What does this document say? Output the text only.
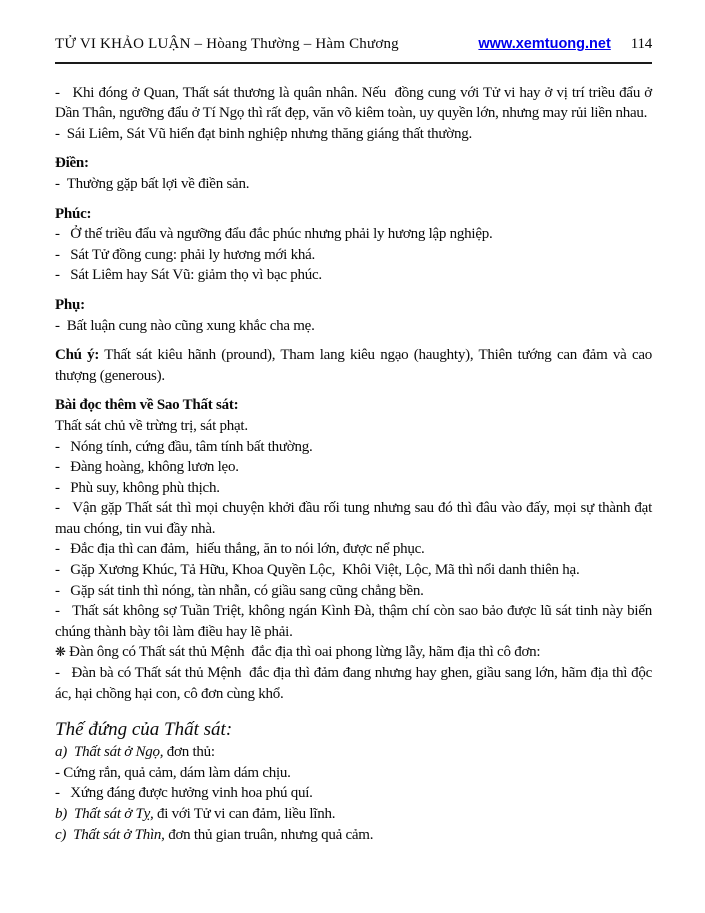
TỬ VI KHẢO LUẬN – Hòang Thường – Hàm Chương	www.xemtuong.net 114

-   Khi đóng ở Quan, Thất sát thương là quân nhân. Nếu  đồng cung với Tử vi hay ở vị trí triều đẩu ở Dần Thân, ngưỡng đẩu ở Tí Ngọ thì rất đẹp, văn võ kiêm toàn, uy quyền lớn, nhưng may rủi liền nhau.

-  Sái Liêm, Sát Vũ hiển đạt binh nghiệp nhưng thăng giáng thất thường.

Điền:

-  Thường gặp bất lợi về điền sản.

Phúc:

-   Ở thế triều đẩu và ngưỡng đẩu đắc phúc nhưng phải ly hương lập nghiệp.

-   Sát Tử đồng cung: phải ly hương mới khá.

-   Sát Liêm hay Sát Vũ: giảm thọ vì bạc phúc.

Phụ:

-  Bất luận cung nào cũng xung khắc cha mẹ.

Chú ý: Thất sát kiêu hãnh (pround), Tham lang kiêu ngạo (haughty), Thiên tướng can đảm và cao thượng (generous).

Bài đọc thêm về Sao Thất sát:

Thất sát chủ về trừng trị, sát phạt.

-   Nóng tính, cứng đầu, tâm tính bất thường.

-   Đàng hoàng, không lươn lẹo.

-   Phù suy, không phù thịch.

-   Vận gặp Thất sát thì mọi chuyện khởi đầu rối tung nhưng sau đó thì đâu vào đấy, mọi sự thành đạt mau chóng, tin vui đầy nhà.

-   Đắc địa thì can đảm,  hiếu thắng, ăn to nói lớn, được nể phục.

-   Gặp Xương Khúc, Tả Hữu, Khoa Quyền Lộc,  Khôi Việt, Lộc, Mã thì nổi danh thiên hạ.

-   Gặp sát tinh thì nóng, tàn nhẫn, có giầu sang cũng chẳng bền.

-   Thất sát không sợ Tuần Triệt, không ngán Kình Đà, thậm chí còn sao bảo được lũ sát tinh này biến chúng thành bày tôi làm điều hay lẽ phải.

❋ Đàn ông có Thất sát thủ Mệnh  đắc địa thì oai phong lừng lẫy, hãm địa thì cô đơn:

-   Đàn bà có Thất sát thủ Mệnh  đắc địa thì đảm đang nhưng hay ghen, giầu sang lớn, hãm địa thì độc ác, hại chồng hại con, cô đơn cùng khổ.

Thế đứng của Thất sát:

a)  Thất sát ở Ngọ, đơn thủ:

- Cứng rắn, quả cảm, dám làm dám chịu.

-   Xứng đáng được hưởng vinh hoa phú quí.

b)  Thất sát ở Tỵ, đi với Tử vi can đảm, liều lĩnh.

c)  Thất sát ở Thìn, đơn thủ gian truân, nhưng quả cảm.
